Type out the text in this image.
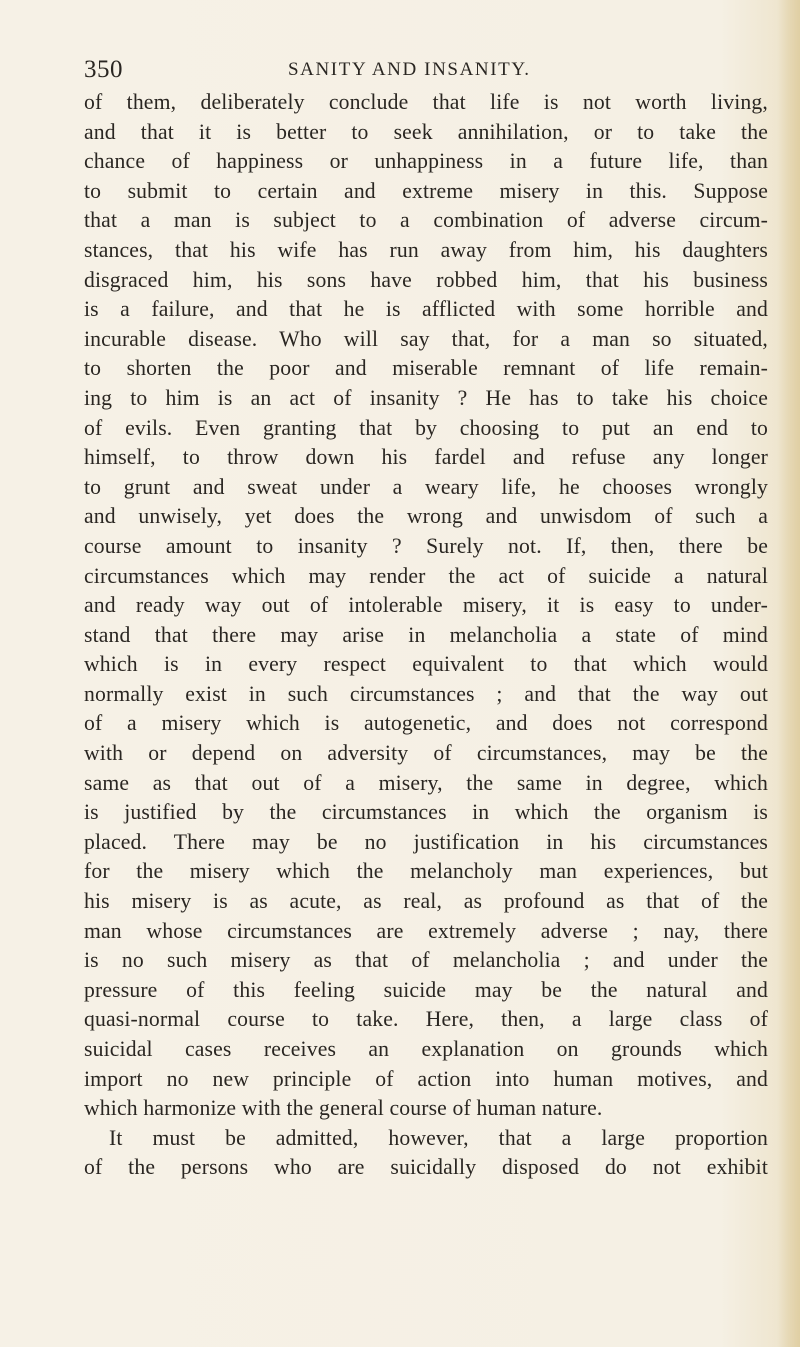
350	SANITY AND INSANITY.
of them, deliberately conclude that life is not worth living,
and that it is better to seek annihilation, or to take the
chance of happiness or unhappiness in a future life, than
to submit to certain and extreme misery in this. Suppose
that a man is subject to a combination of adverse circum-
stances, that his wife has run away from him, his daughters
disgraced him, his sons have robbed him, that his business
is a failure, and that he is afflicted with some horrible and
incurable disease. Who will say that, for a man so situated,
to shorten the poor and miserable remnant of life remain-
ing to him is an act of insanity ? He has to take his choice
of evils. Even granting that by choosing to put an end to
himself, to throw down his fardel and refuse any longer
to grunt and sweat under a weary life, he chooses wrongly
and unwisely, yet does the wrong and unwisdom of such a
course amount to insanity ? Surely not. If, then, there be
circumstances which may render the act of suicide a natural
and ready way out of intolerable misery, it is easy to under-
stand that there may arise in melancholia a state of mind
which is in every respect equivalent to that which would
normally exist in such circumstances ; and that the way out
of a misery which is autogenetic, and does not correspond
with or depend on adversity of circumstances, may be the
same as that out of a misery, the same in degree, which
is justified by the circumstances in which the organism is
placed. There may be no justification in his circumstances
for the misery which the melancholy man experiences, but
his misery is as acute, as real, as profound as that of the
man whose circumstances are extremely adverse ; nay, there
is no such misery as that of melancholia ; and under the
pressure of this feeling suicide may be the natural and
quasi-normal course to take. Here, then, a large class of
suicidal cases receives an explanation on grounds which
import no new principle of action into human motives, and
which harmonize with the general course of human nature.
It must be admitted, however, that a large proportion
of the persons who are suicidally disposed do not exhibit
